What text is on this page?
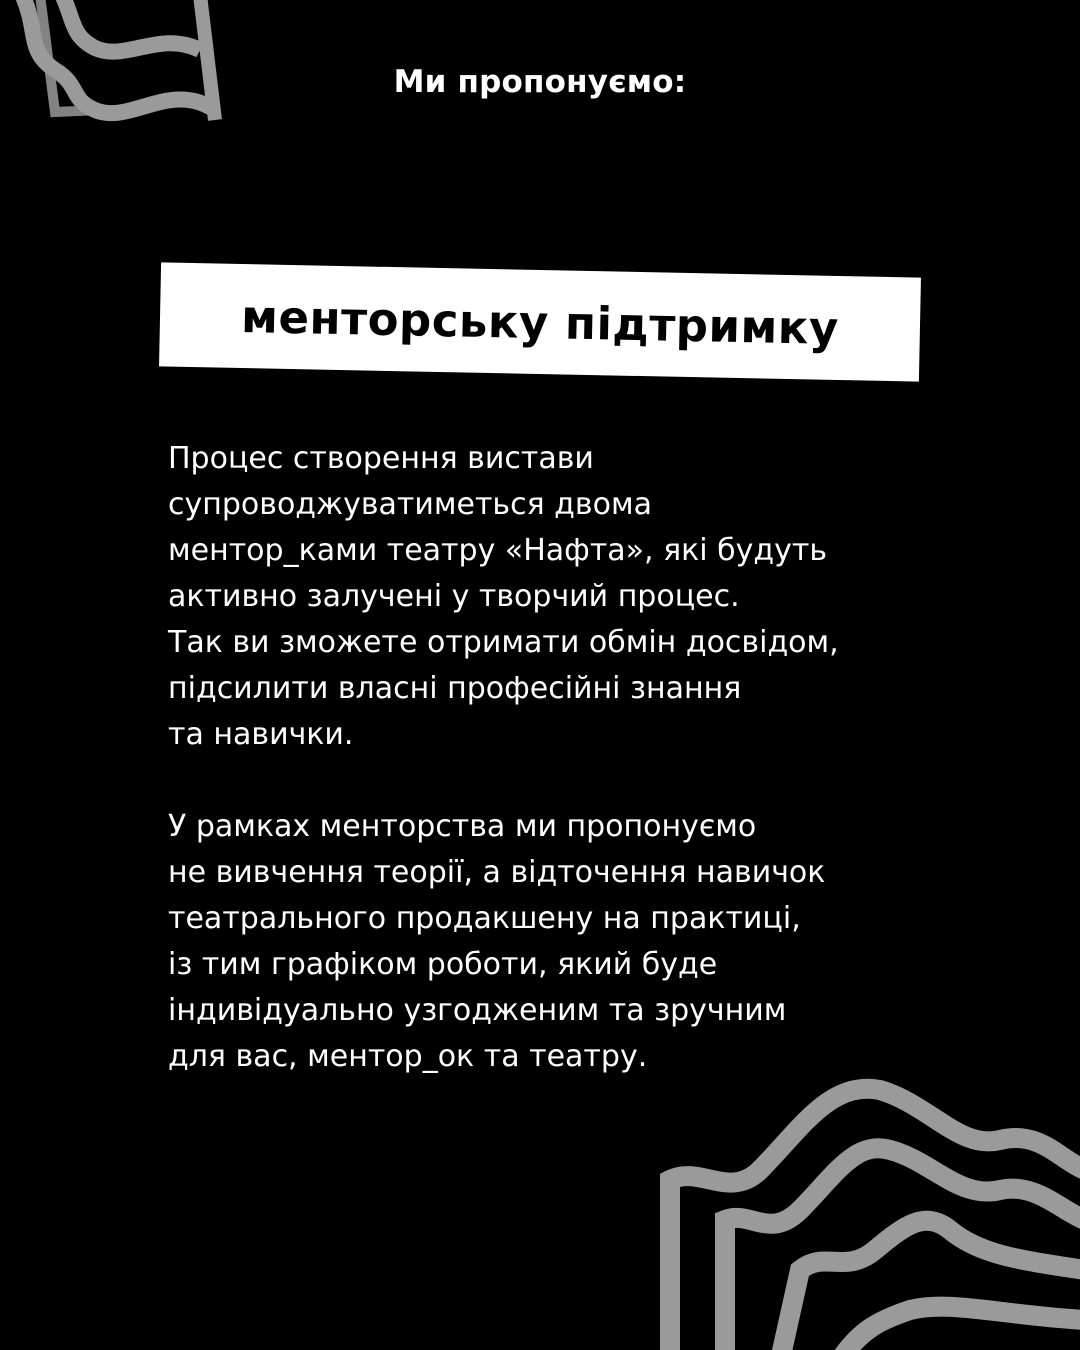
Ми пропонуємо:
менторську підтримку
Процес створення вистави
супроводжуватиметься двома
ментор_ками театру «Нафта», які будуть
активно залучені у творчий процес.
Так ви зможете отримати обмін досвідом,
підсилити власні професійні знання
та навички.
У рамках менторства ми пропонуємо
не вивчення теорії, а відточення навичок
театрального продакшену на практиці,
із тим графіком роботи, який буде
індивідуально узгодженим та зручним
для вас, ментор_ок та театру.
